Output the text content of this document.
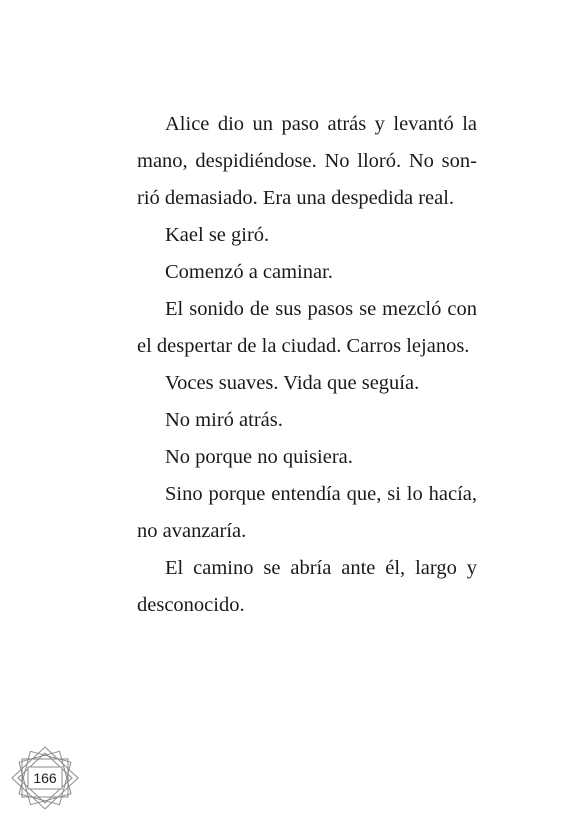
Alice dio un paso atrás y levantó la
mano, despidiéndose. No lloró. No son-
rió demasiado. Era una despedida real.
Kael se giró.
Comenzó a caminar.
El sonido de sus pasos se mezcló con
el despertar de la ciudad. Carros lejanos.
Voces suaves. Vida que seguía.
No miró atrás.
No porque no quisiera.
Sino porque entendía que, si lo hacía,
no avanzaría.
El camino se abría ante él, largo y
desconocido.
166
